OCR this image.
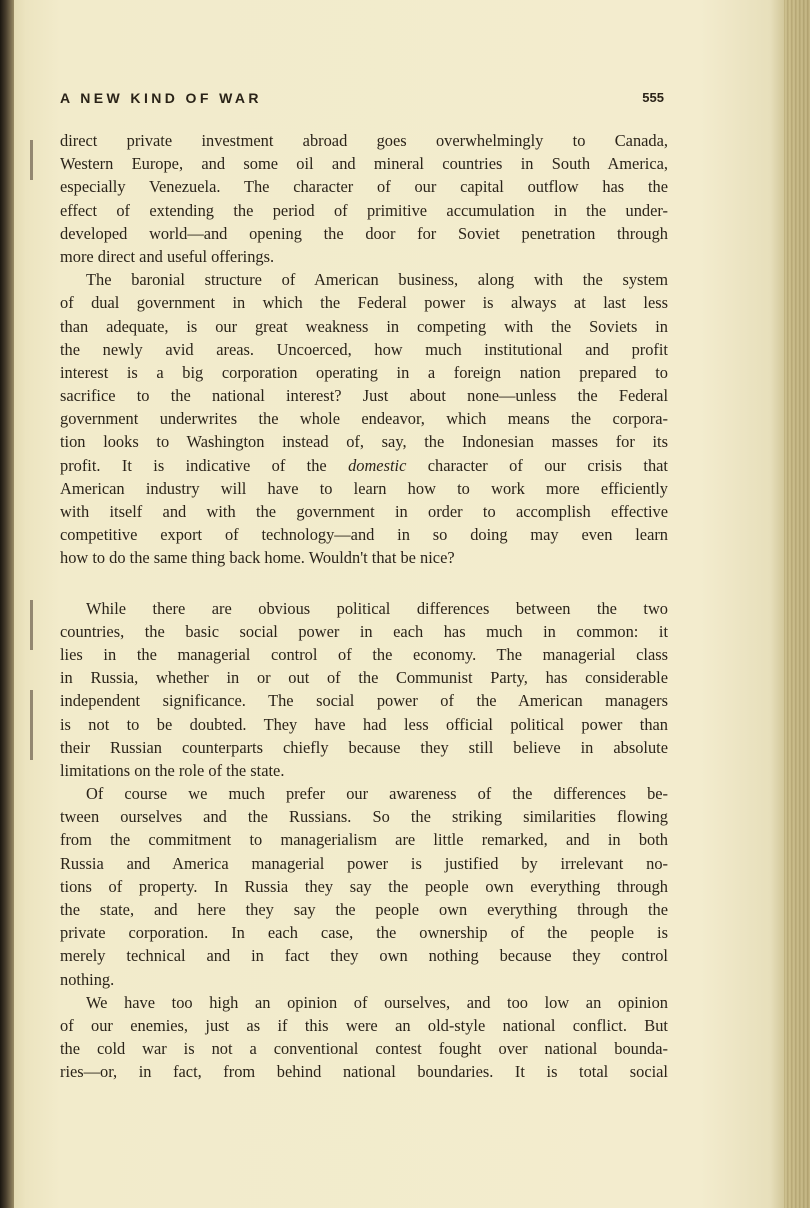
A NEW KIND OF WAR	555
direct private investment abroad goes overwhelmingly to Canada,
Western Europe, and some oil and mineral countries in South America,
especially Venezuela. The character of our capital outflow has the
effect of extending the period of primitive accumulation in the under-
developed world—and opening the door for Soviet penetration through
more direct and useful offerings.
The baronial structure of American business, along with the system
of dual government in which the Federal power is always at last less
than adequate, is our great weakness in competing with the Soviets in
the newly avid areas. Uncoerced, how much institutional and profit
interest is a big corporation operating in a foreign nation prepared to
sacrifice to the national interest? Just about none—unless the Federal
government underwrites the whole endeavor, which means the corpora-
tion looks to Washington instead of, say, the Indonesian masses for its
profit. It is indicative of the domestic character of our crisis that
American industry will have to learn how to work more efficiently
with itself and with the government in order to accomplish effective
competitive export of technology—and in so doing may even learn
how to do the same thing back home. Wouldn't that be nice?
While there are obvious political differences between the two
countries, the basic social power in each has much in common: it
lies in the managerial control of the economy. The managerial class
in Russia, whether in or out of the Communist Party, has considerable
independent significance. The social power of the American managers
is not to be doubted. They have had less official political power than
their Russian counterparts chiefly because they still believe in absolute
limitations on the role of the state.
Of course we much prefer our awareness of the differences be-
tween ourselves and the Russians. So the striking similarities flowing
from the commitment to managerialism are little remarked, and in both
Russia and America managerial power is justified by irrelevant no-
tions of property. In Russia they say the people own everything through
the state, and here they say the people own everything through the
private corporation. In each case, the ownership of the people is
merely technical and in fact they own nothing because they control
nothing.
We have too high an opinion of ourselves, and too low an opinion
of our enemies, just as if this were an old-style national conflict. But
the cold war is not a conventional contest fought over national bounda-
ries—or, in fact, from behind national boundaries. It is total social
